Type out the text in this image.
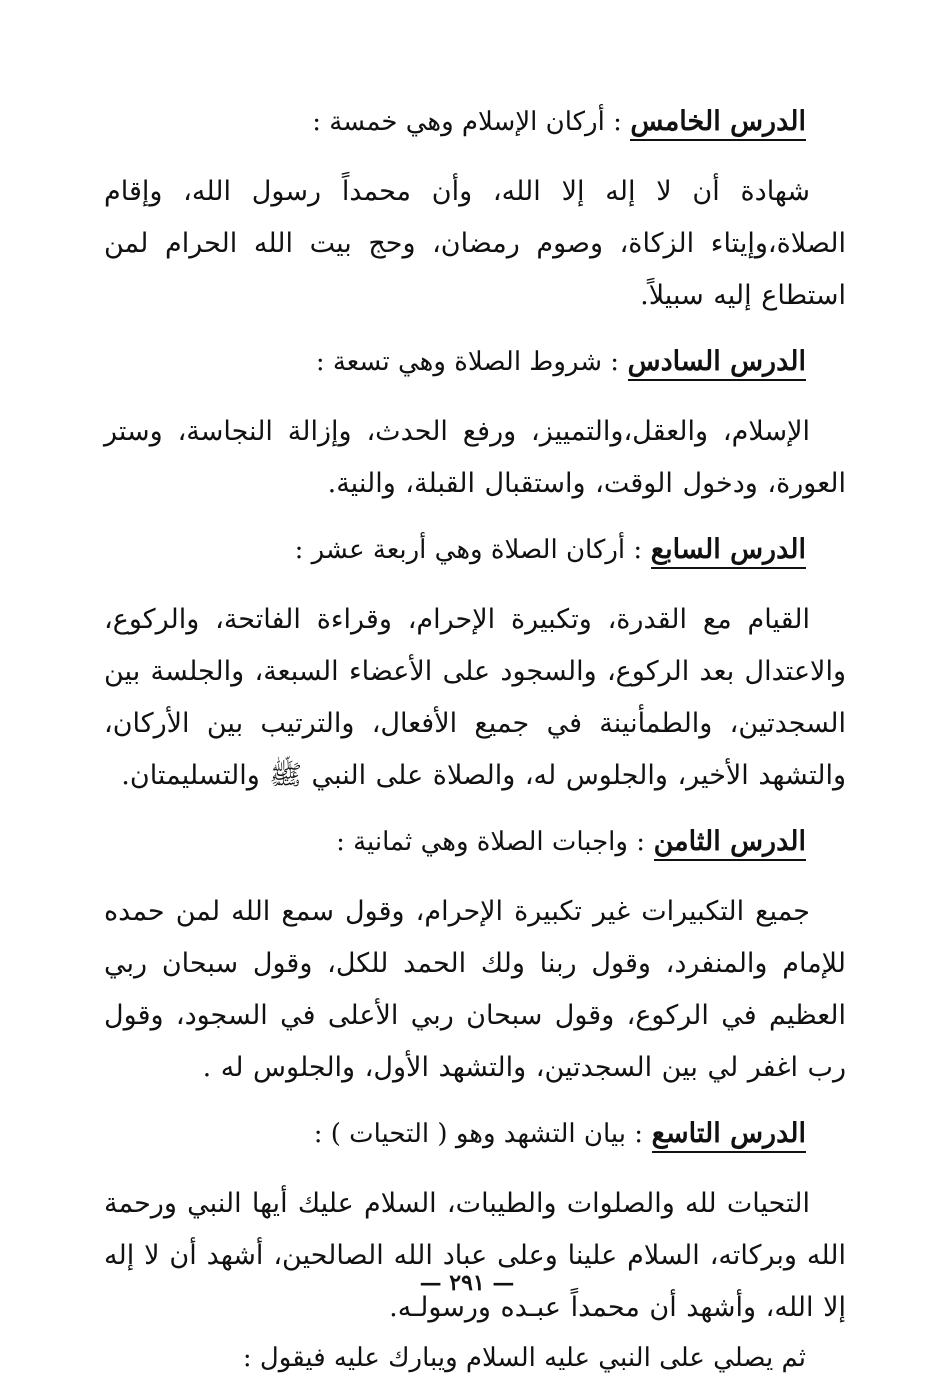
الدرس الخامس : أركان الإسلام وهي خمسة :

شهادة أن لا إله إلا الله، وأن محمداً رسول الله، وإقام الصلاة،وإيتاء الزكاة، وصوم رمضان، وحج بيت الله الحرام لمن استطاع إليه سبيلاً.

الدرس السادس : شروط الصلاة وهي تسعة :

الإسلام، والعقل،والتمييز، ورفع الحدث، وإزالة النجاسة، وستر العورة، ودخول الوقت، واستقبال القبلة، والنية.

الدرس السابع : أركان الصلاة وهي أربعة عشر :

القيام مع القدرة، وتكبيرة الإحرام، وقراءة الفاتحة، والركوع، والاعتدال بعد الركوع، والسجود على الأعضاء السبعة، والجلسة بين السجدتين، والطمأنينة في جميع الأفعال، والترتيب بين الأركان، والتشهد الأخير، والجلوس له، والصلاة على النبي ﷺ والتسليمتان.

الدرس الثامن : واجبات الصلاة وهي ثمانية :

جميع التكبيرات غير تكبيرة الإحرام، وقول سمع الله لمن حمده للإمام والمنفرد، وقول ربنا ولك الحمد للكل، وقول سبحان ربي العظيم في الركوع، وقول سبحان ربي الأعلى في السجود، وقول رب اغفر لي بين السجدتين، والتشهد الأول، والجلوس له .

الدرس التاسع : بيان التشهد وهو ( التحيات ) :

التحيات لله والصلوات والطيبات، السلام عليك أيها النبي ورحمة الله وبركاته، السلام علينا وعلى عباد الله الصالحين، أشهد أن لا إله إلا الله، وأشهد أن محمداً عبـده ورسولـه.

ثم يصلي على النبي عليه السلام ويبارك عليه فيقول :

— ٢٩١ —
